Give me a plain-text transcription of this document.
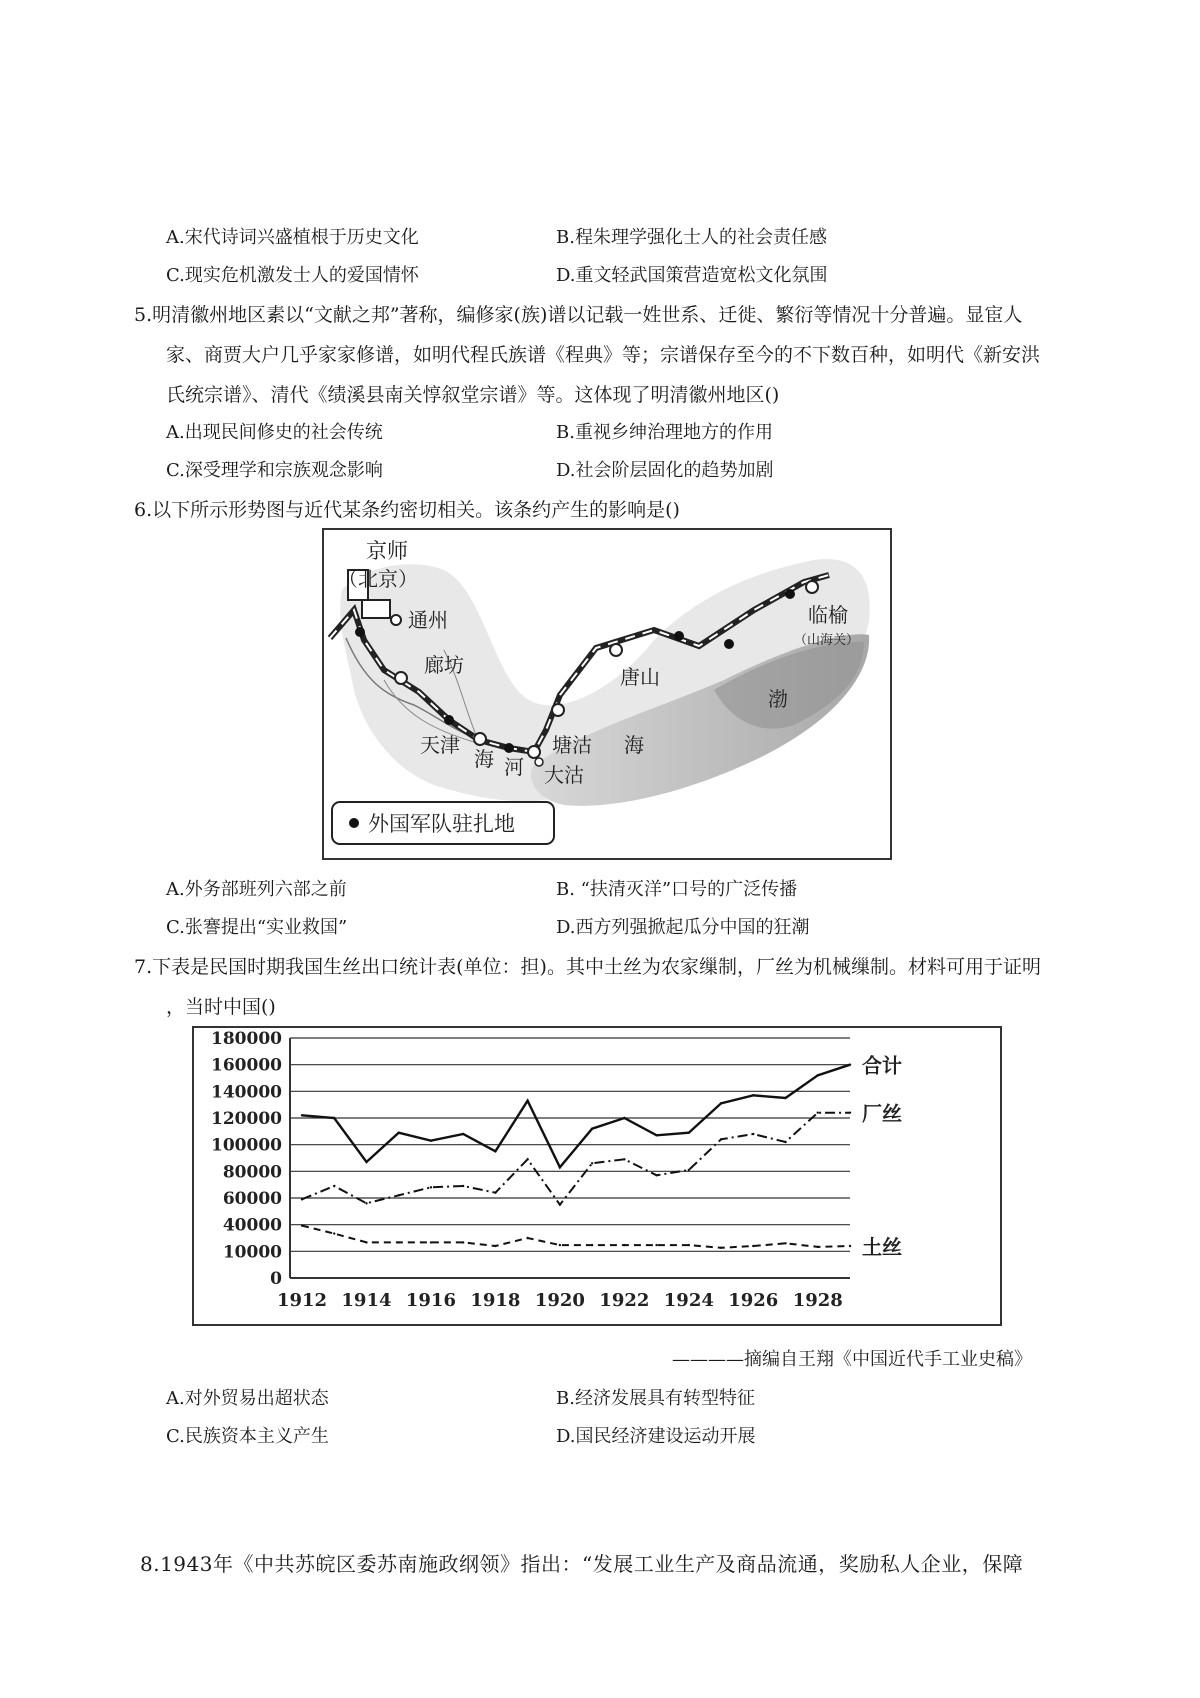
A.宋代诗词兴盛植根于历史文化	B.程朱理学强化士人的社会责任感
C.现实危机激发士人的爱国情怀	D.重文轻武国策营造宽松文化氛围
5.明清徽州地区素以“文献之邦”著称，编修家(族)谱以记载一姓世系、迁徙、繁衍等情况十分普遍。显宦人
家、商贾大户几乎家家修谱，如明代程氏族谱《程典》等；宗谱保存至今的不下数百种，如明代《新安洪
氏统宗谱》、清代《绩溪县南关惇叙堂宗谱》等。这体现了明清徽州地区()
A.出现民间修史的社会传统	B.重视乡绅治理地方的作用
C.深受理学和宗族观念影响	D.社会阶层固化的趋势加剧
6.以下所示形势图与近代某条约密切相关。该条约产生的影响是()
京师
（北京）
通州
廊坊
天津
海 河
塘沽
大沽
唐山
海
临榆
（山海关）
渤
外国军队驻扎地
A.外务部班列六部之前	B. “扶清灭洋”口号的广泛传播
C.张謇提出“实业救国”	D.西方列强掀起瓜分中国的狂潮
7.下表是民国时期我国生丝出口统计表(单位：担)。其中土丝为农家缫制，厂丝为机械缫制。材料可用于证明
，当时中国()
0
10000
40000
60000
80000
100000
120000
140000
160000
180000
1912 1914 1916 1918 1920 1922 1924 1926 1928
合计
厂丝
土丝
————摘编自王翔《中国近代手工业史稿》
A.对外贸易出超状态	B.经济发展具有转型特征
C.民族资本主义产生	D.国民经济建设运动开展
8.1943年《中共苏皖区委苏南施政纲领》指出：“发展工业生产及商品流通，奖励私人企业，保障
